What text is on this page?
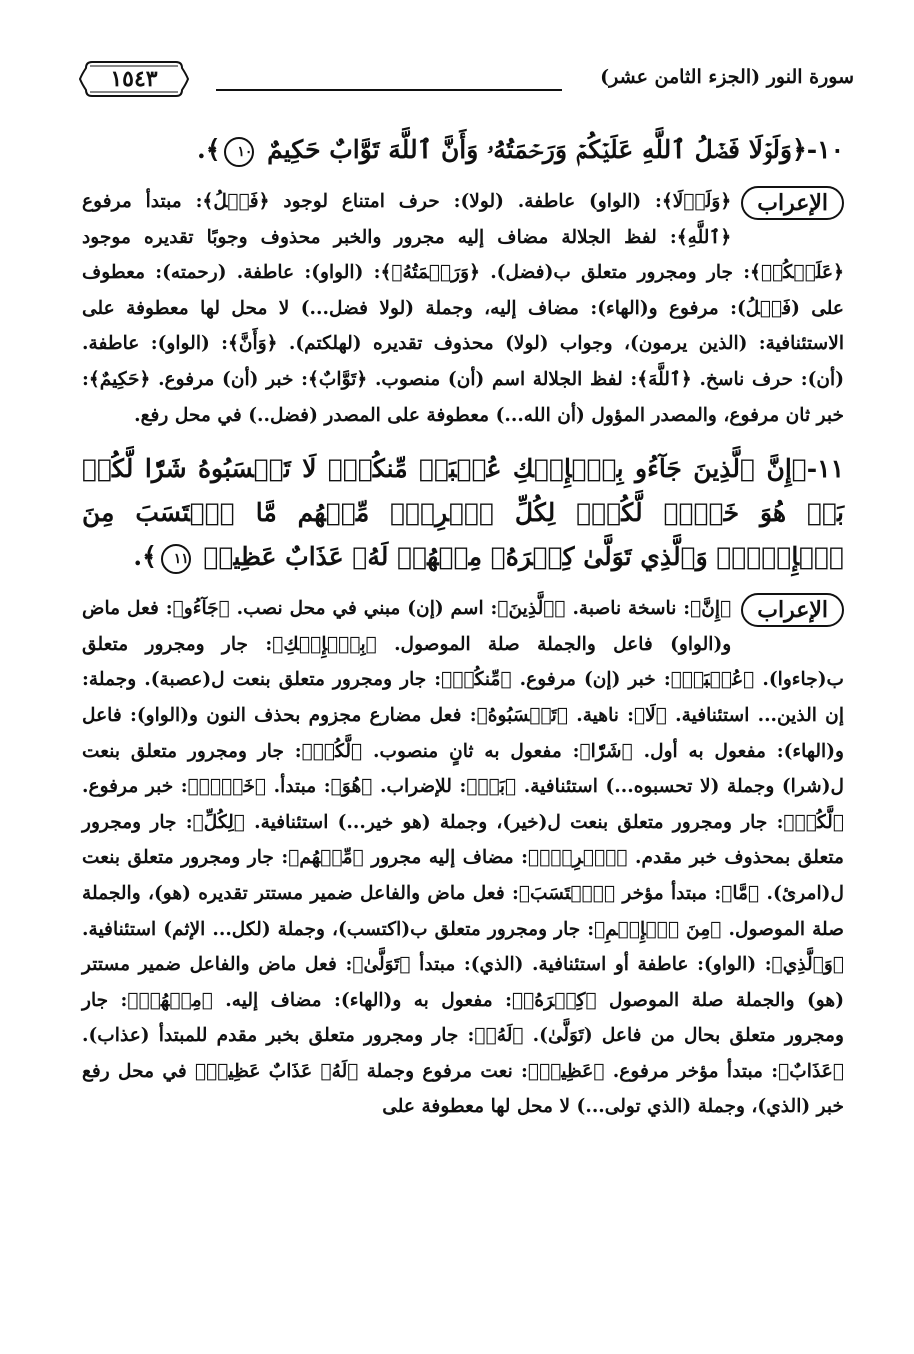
سورة النور (الجزء الثامن عشر)
١٥٤٣

١٠-﴿وَلَوۡلَا فَضۡلُ ٱللَّهِ عَلَيۡكُمۡ وَرَحۡمَتُهُۥ وَأَنَّ ٱللَّهَ تَوَّابٌ حَكِيمٌ ١٠﴾.

الإعراب
﴿وَلَوۡلَا﴾: (الواو) عاطفة. (لولا): حرف امتناع لوجود ﴿فَضۡلُ﴾: مبتدأ مرفوع ﴿ٱللَّهِ﴾: لفظ الجلالة مضاف إليه مجرور والخبر محذوف وجوبًا تقديره موجود ﴿عَلَيۡكُمۡ﴾: جار ومجرور متعلق ب(فضل). ﴿وَرَحۡمَتُهُۥ﴾: (الواو): عاطفة. (رحمته): معطوف على (فَضۡلُ): مرفوع و(الهاء): مضاف إليه، وجملة (لولا فضل...) لا محل لها معطوفة على الاستئنافية: (الذين يرمون)، وجواب (لولا) محذوف تقديره (لهلكتم). ﴿وَأَنَّ﴾: (الواو): عاطفة. (أن): حرف ناسخ. ﴿ٱللَّهَ﴾: لفظ الجلالة اسم (أن) منصوب. ﴿تَوَّابٌ﴾: خبر (أن) مرفوع. ﴿حَكِيمٌ﴾: خبر ثان مرفوع، والمصدر المؤول (أن الله...) معطوفة على المصدر (فضل..) في محل رفع.

١١-﴿إِنَّ ٱلَّذِينَ جَآءُو بِٱلۡإِفۡكِ عُصۡبَةٞ مِّنكُمۡۚ لَا تَحۡسَبُوهُ شَرّٗا لَّكُمۖ بَلۡ هُوَ خَيۡرٞ لَّكُمۡۚ لِكُلِّ ٱمۡرِيٕٖ مِّنۡهُم مَّا ٱكۡتَسَبَ مِنَ ٱلۡإِثۡمِۚ وَٱلَّذِي تَوَلَّىٰ كِبۡرَهُۥ مِنۡهُمۡ لَهُۥ عَذَابٌ عَظِيمٞ ١١﴾.

الإعراب
﴿إِنَّ﴾: ناسخة ناصبة. ﴿ٱلَّذِينَ﴾: اسم (إن) مبني في محل نصب. ﴿جَآءُو﴾: فعل ماض و(الواو) فاعل والجملة صلة الموصول. ﴿بِٱلۡإِفۡكِ﴾: جار ومجرور متعلق ب(جاءوا). ﴿عُصۡبَةٞ﴾: خبر (إن) مرفوع. ﴿مِّنكُمۡ﴾: جار ومجرور متعلق بنعت ل(عصبة). وجملة: إن الذين... استئنافية. ﴿لَا﴾: ناهية. ﴿تَحۡسَبُوهُ﴾: فعل مضارع مجزوم بحذف النون و(الواو): فاعل و(الهاء): مفعول به أول. ﴿شَرّٗا﴾: مفعول به ثانٍ منصوب. ﴿لَّكُمۖ﴾: جار ومجرور متعلق بنعت ل(شرا) وجملة (لا تحسبوه...) استئنافية. ﴿بَلۡ﴾: للإضراب. ﴿هُوَ﴾: مبتدأ. ﴿خَيۡرٞ﴾: خبر مرفوع. ﴿لَّكُمۡ﴾: جار ومجرور متعلق بنعت ل(خير)، وجملة (هو خير...) استئنافية. ﴿لِكُلِّ﴾: جار ومجرور متعلق بمحذوف خبر مقدم. ﴿ٱمۡرِيٕٖ﴾: مضاف إليه مجرور ﴿مِّنۡهُم﴾: جار ومجرور متعلق بنعت ل(امرئ). ﴿مَّا﴾: مبتدأ مؤخر ﴿ٱكۡتَسَبَ﴾: فعل ماض والفاعل ضمير مستتر تقديره (هو)، والجملة صلة الموصول. ﴿مِنَ ٱلۡإِثۡمِ﴾: جار ومجرور متعلق ب(اكتسب)، وجملة (لكل... الإثم) استئنافية. ﴿وَٱلَّذِي﴾: (الواو): عاطفة أو استئنافية. (الذي): مبتدأ ﴿تَوَلَّىٰ﴾: فعل ماض والفاعل ضمير مستتر (هو) والجملة صلة الموصول ﴿كِبۡرَهُۥ﴾: مفعول به و(الهاء): مضاف إليه. ﴿مِنۡهُمۡ﴾: جار ومجرور متعلق بحال من فاعل (تَوَلَّىٰ). ﴿لَهُۥ﴾: جار ومجرور متعلق بخبر مقدم للمبتدأ (عذاب). ﴿عَذَابٌ﴾: مبتدأ مؤخر مرفوع. ﴿عَظِيمٞ﴾: نعت مرفوع وجملة ﴿لَهُۥ عَذَابٌ عَظِيمٞ﴾ في محل رفع خبر (الذي)، وجملة (الذي تولى...) لا محل لها معطوفة على
